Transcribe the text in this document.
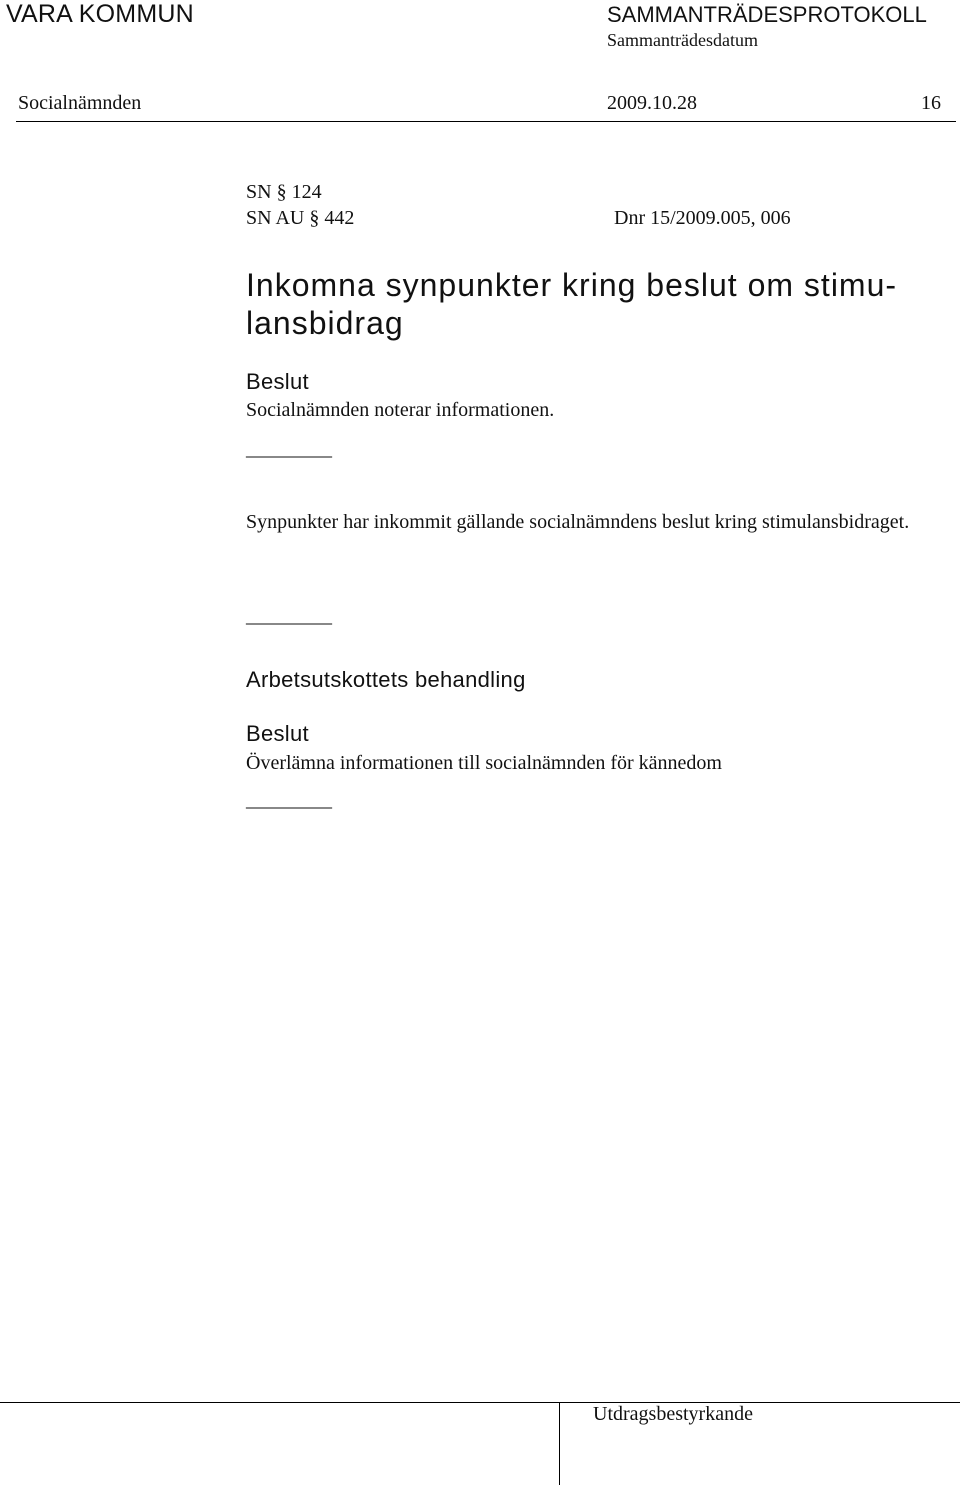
VARA KOMMUN	SAMMANTRÄDESPROTOKOLL
Sammanträdesdatum
Socialnämnden	2009.10.28	16
SN § 124
SN AU § 442	Dnr 15/2009.005, 006
Inkomna synpunkter kring beslut om stimulansbidrag
Beslut
Socialnämnden noterar informationen.
_________
Synpunkter har inkommit gällande socialnämndens beslut kring stimulansbidraget.
_________
Arbetsutskottets behandling
Beslut
Överlämna informationen till socialnämnden för kännedom
_________
Utdragsbestyrkande
